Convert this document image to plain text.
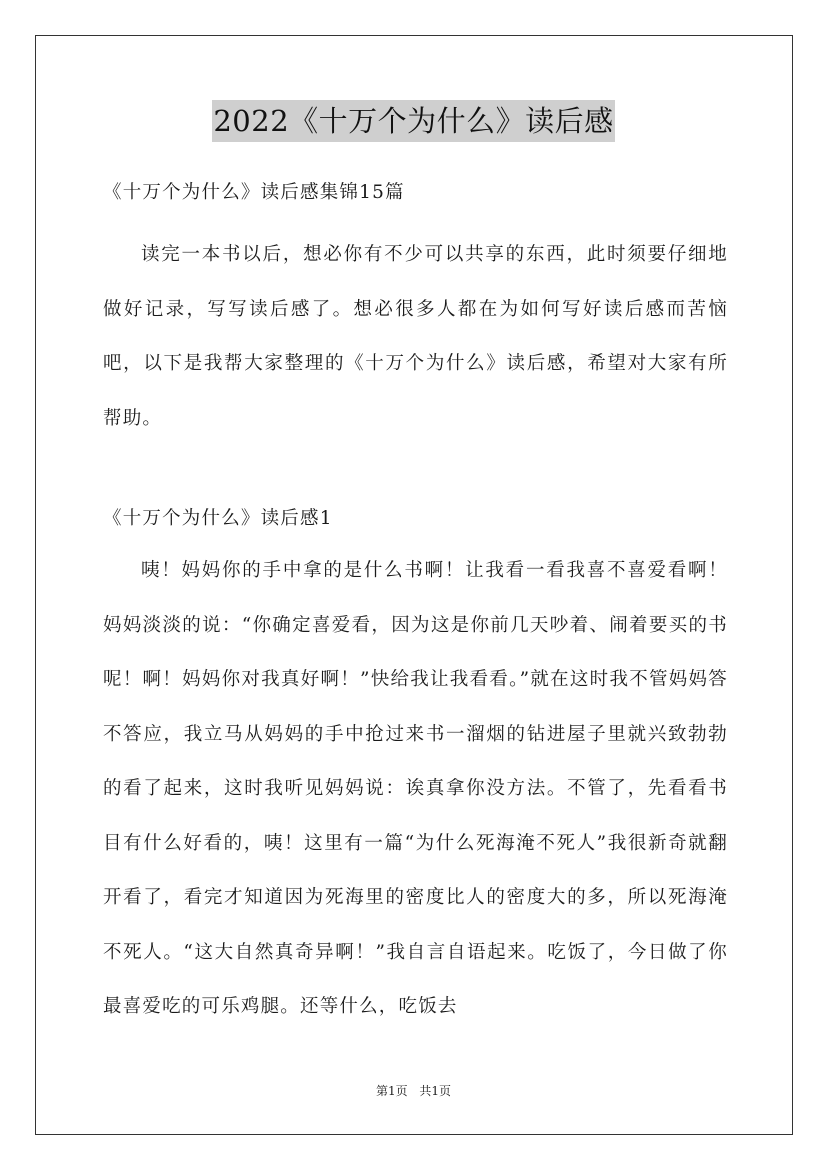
2022《十万个为什么》读后感
《十万个为什么》读后感集锦15篇
读完一本书以后，想必你有不少可以共享的东西，此时须要仔细地做好记录，写写读后感了。想必很多人都在为如何写好读后感而苦恼吧，以下是我帮大家整理的《十万个为什么》读后感，希望对大家有所帮助。
《十万个为什么》读后感1
咦！妈妈你的手中拿的是什么书啊！让我看一看我喜不喜爱看啊！妈妈淡淡的说：“你确定喜爱看，因为这是你前几天吵着、闹着要买的书呢！啊！妈妈你对我真好啊！”快给我让我看看。”就在这时我不管妈妈答不答应，我立马从妈妈的手中抢过来书一溜烟的钻进屋子里就兴致勃勃的看了起来，这时我听见妈妈说：诶真拿你没方法。不管了，先看看书目有什么好看的，咦！这里有一篇“为什么死海淹不死人”我很新奇就翻开看了，看完才知道因为死海里的密度比人的密度大的多，所以死海淹不死人。“这大自然真奇异啊！”我自言自语起来。吃饭了，今日做了你最喜爱吃的可乐鸡腿。还等什么，吃饭去
第1页 共1页
